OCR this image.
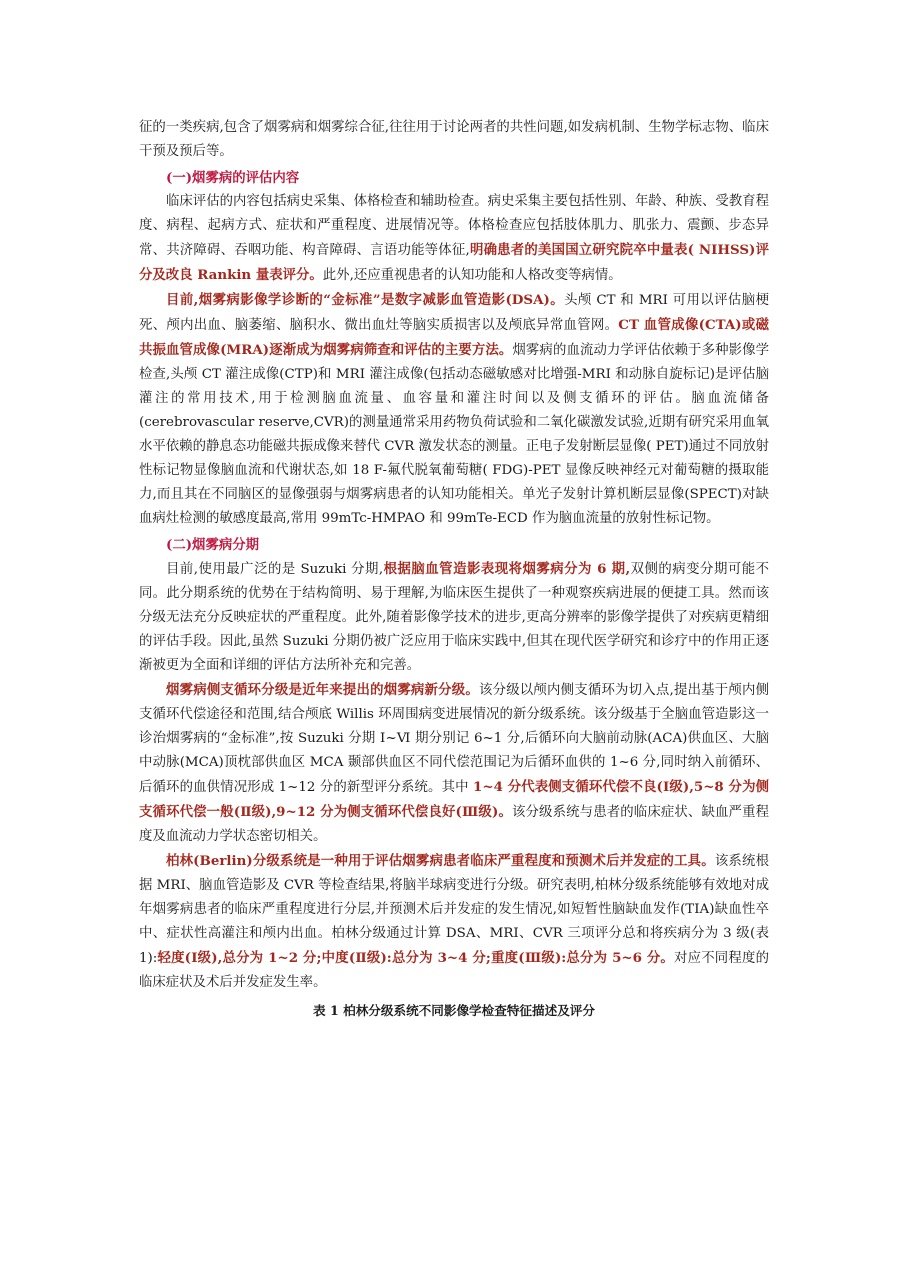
征的一类疾病,包含了烟雾病和烟雾综合征,往往用于讨论两者的共性问题,如发病机制、生物学标志物、临床干预及预后等。

(一)烟雾病的评估内容

临床评估的内容包括病史采集、体格检查和辅助检查。病史采集主要包括性别、年龄、种族、受教育程度、病程、起病方式、症状和严重程度、进展情况等。体格检查应包括肢体肌力、肌张力、震颤、步态异常、共济障碍、吞咽功能、构音障碍、言语功能等体征,明确患者的美国国立研究院卒中量表( NIHSS)评分及改良 Rankin 量表评分。此外,还应重视患者的认知功能和人格改变等病情。

目前,烟雾病影像学诊断的“金标准”是数字减影血管造影(DSA)。头颅 CT 和 MRI 可用以评估脑梗死、颅内出血、脑萎缩、脑积水、微出血灶等脑实质损害以及颅底异常血管网。CT 血管成像(CTA)或磁共振血管成像(MRA)逐渐成为烟雾病筛查和评估的主要方法。烟雾病的血流动力学评估依赖于多种影像学检查,头颅 CT 灌注成像(CTP)和 MRI 灌注成像(包括动态磁敏感对比增强-MRI 和动脉自旋标记)是评估脑灌注的常用技术,用于检测脑血流量、血容量和灌注时间以及侧支循环的评估。脑血流储备(cerebrovascular reserve,CVR)的测量通常采用药物负荷试验和二氧化碳激发试验,近期有研究采用血氧水平依赖的静息态功能磁共振成像来替代 CVR 激发状态的测量。正电子发射断层显像( PET)通过不同放射性标记物显像脑血流和代谢状态,如 18 F-氟代脱氧葡萄糖( FDG)-PET 显像反映神经元对葡萄糖的摄取能力,而且其在不同脑区的显像强弱与烟雾病患者的认知功能相关。单光子发射计算机断层显像(SPECT)对缺血病灶检测的敏感度最高,常用 99mTc-HMPAO 和 99mTe-ECD 作为脑血流量的放射性标记物。

(二)烟雾病分期

目前,使用最广泛的是 Suzuki 分期,根据脑血管造影表现将烟雾病分为 6 期,双侧的病变分期可能不同。此分期系统的优势在于结构简明、易于理解,为临床医生提供了一种观察疾病进展的便捷工具。然而该分级无法充分反映症状的严重程度。此外,随着影像学技术的进步,更高分辨率的影像学提供了对疾病更精细的评估手段。因此,虽然 Suzuki 分期仍被广泛应用于临床实践中,但其在现代医学研究和诊疗中的作用正逐渐被更为全面和详细的评估方法所补充和完善。

烟雾病侧支循环分级是近年来提出的烟雾病新分级。该分级以颅内侧支循环为切入点,提出基于颅内侧支循环代偿途径和范围,结合颅底 Willis 环周围病变进展情况的新分级系统。该分级基于全脑血管造影这一诊治烟雾病的“金标准”,按 Suzuki 分期 Ⅰ~Ⅵ 期分别记 6~1 分,后循环向大脑前动脉(ACA)供血区、大脑中动脉(MCA)顶枕部供血区 MCA 颞部供血区不同代偿范围记为后循环血供的 1~6 分,同时纳入前循环、后循环的血供情况形成 1~12 分的新型评分系统。其中 1~4 分代表侧支循环代偿不良(Ⅰ级),5~8 分为侧支循环代偿一般(Ⅱ级),9~12 分为侧支循环代偿良好(Ⅲ级)。该分级系统与患者的临床症状、缺血严重程度及血流动力学状态密切相关。

柏林(Berlin)分级系统是一种用于评估烟雾病患者临床严重程度和预测术后并发症的工具。该系统根据 MRI、脑血管造影及 CVR 等检查结果,将脑半球病变进行分级。研究表明,柏林分级系统能够有效地对成年烟雾病患者的临床严重程度进行分层,并预测术后并发症的发生情况,如短暂性脑缺血发作(TIA)缺血性卒中、症状性高灌注和颅内出血。柏林分级通过计算 DSA、MRI、CVR 三项评分总和将疾病分为 3 级(表 1):轻度(Ⅰ级),总分为 1~2 分;中度(Ⅱ级):总分为 3~4 分;重度(Ⅲ级):总分为 5~6 分。对应不同程度的临床症状及术后并发症发生率。

表 1 柏林分级系统不同影像学检查特征描述及评分
